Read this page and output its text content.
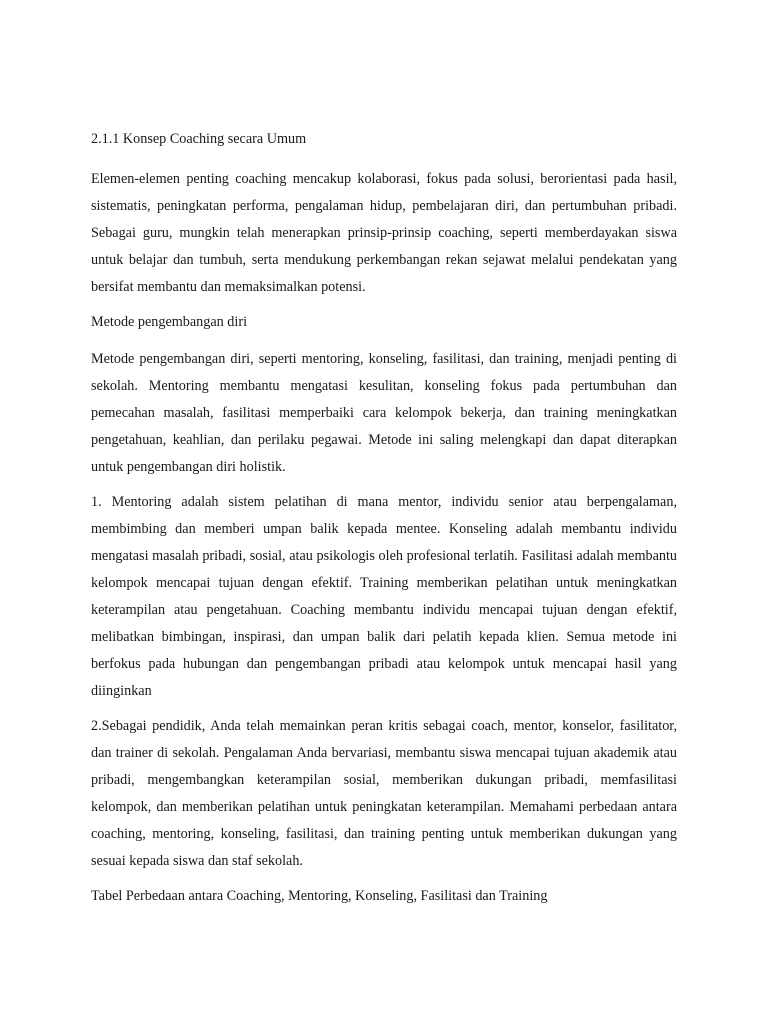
2.1.1 Konsep Coaching secara Umum

Elemen-elemen penting coaching mencakup kolaborasi, fokus pada solusi, berorientasi pada hasil, sistematis, peningkatan performa, pengalaman hidup, pembelajaran diri, dan pertumbuhan pribadi. Sebagai guru, mungkin telah menerapkan prinsip-prinsip coaching, seperti memberdayakan siswa untuk belajar dan tumbuh, serta mendukung perkembangan rekan sejawat melalui pendekatan yang bersifat membantu dan memaksimalkan potensi.

Metode pengembangan diri

Metode pengembangan diri, seperti mentoring, konseling, fasilitasi, dan training, menjadi penting di sekolah. Mentoring membantu mengatasi kesulitan, konseling fokus pada pertumbuhan dan pemecahan masalah, fasilitasi memperbaiki cara kelompok bekerja, dan training meningkatkan pengetahuan, keahlian, dan perilaku pegawai. Metode ini saling melengkapi dan dapat diterapkan untuk pengembangan diri holistik.

1. Mentoring adalah sistem pelatihan di mana mentor, individu senior atau berpengalaman, membimbing dan memberi umpan balik kepada mentee. Konseling adalah membantu individu mengatasi masalah pribadi, sosial, atau psikologis oleh profesional terlatih. Fasilitasi adalah membantu kelompok mencapai tujuan dengan efektif. Training memberikan pelatihan untuk meningkatkan keterampilan atau pengetahuan. Coaching membantu individu mencapai tujuan dengan efektif, melibatkan bimbingan, inspirasi, dan umpan balik dari pelatih kepada klien. Semua metode ini berfokus pada hubungan dan pengembangan pribadi atau kelompok untuk mencapai hasil yang diinginkan

2.Sebagai pendidik, Anda telah memainkan peran kritis sebagai coach, mentor, konselor, fasilitator, dan trainer di sekolah. Pengalaman Anda bervariasi, membantu siswa mencapai tujuan akademik atau pribadi, mengembangkan keterampilan sosial, memberikan dukungan pribadi, memfasilitasi kelompok, dan memberikan pelatihan untuk peningkatan keterampilan. Memahami perbedaan antara coaching, mentoring, konseling, fasilitasi, dan training penting untuk memberikan dukungan yang sesuai kepada siswa dan staf sekolah.

Tabel Perbedaan antara Coaching, Mentoring, Konseling, Fasilitasi dan Training
